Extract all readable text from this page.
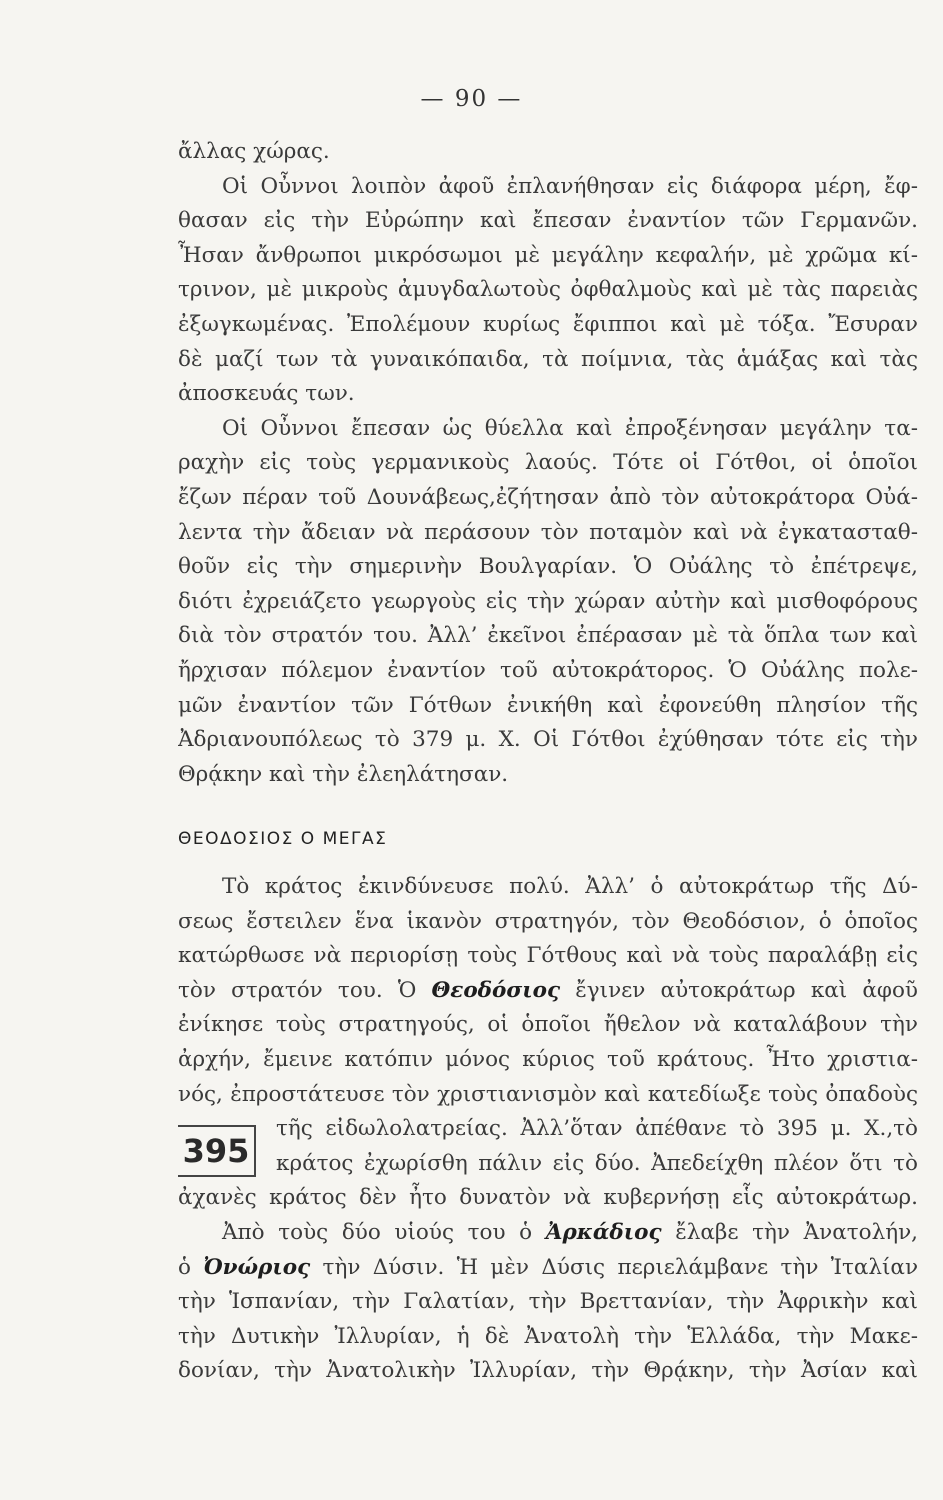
— 90 —
ἄλλας χώρας.
Οἱ Οὖννοι λοιπὸν ἀφοῦ ἐπλανήθησαν εἰς διάφορα μέρη, ἔφ-
θασαν εἰς τὴν Εὐρώπην καὶ ἔπεσαν ἐναντίον τῶν Γερμανῶν.
Ἦσαν ἄνθρωποι μικρόσωμοι μὲ μεγάλην κεφαλήν, μὲ χρῶμα κί-
τρινον, μὲ μικροὺς ἀμυγδαλωτοὺς ὀφθαλμοὺς καὶ μὲ τὰς παρειὰς
ἐξωγκωμένας. Ἐπολέμουν κυρίως ἔφιπποι καὶ μὲ τόξα. Ἔσυραν
δὲ μαζί των τὰ γυναικόπαιδα, τὰ ποίμνια, τὰς ἁμάξας καὶ τὰς
ἀποσκευάς των.
Οἱ Οὖννοι ἔπεσαν ὡς θύελλα καὶ ἐπροξένησαν μεγάλην τα-
ραχὴν εἰς τοὺς γερμανικοὺς λαούς. Τότε οἱ Γότθοι, οἱ ὁποῖοι
ἔζων πέραν τοῦ Δουνάβεως,ἐζήτησαν ἀπὸ τὸν αὐτοκράτορα Οὐά-
λεντα τὴν ἄδειαν νὰ περάσουν τὸν ποταμὸν καὶ νὰ ἐγκατασταθ-
θοῦν εἰς τὴν σημερινὴν Βουλγαρίαν. Ὁ Οὐάλης τὸ ἐπέτρεψε,
διότι ἐχρειάζετο γεωργοὺς εἰς τὴν χώραν αὐτὴν καὶ μισθοφόρους
διὰ τὸν στρατόν του. Ἀλλ’ ἐκεῖνοι ἐπέρασαν μὲ τὰ ὅπλα των καὶ
ἤρχισαν πόλεμον ἐναντίον τοῦ αὐτοκράτορος. Ὁ Οὐάλης πολε-
μῶν ἐναντίον τῶν Γότθων ἐνικήθη καὶ ἐφονεύθη πλησίον τῆς
Ἀδριανουπόλεως τὸ 379 μ. Χ. Οἱ Γότθοι ἐχύθησαν τότε εἰς τὴν
Θρᾴκην καὶ τὴν ἐλεηλάτησαν.
ΘΕΟΔΟΣΙΟΣ Ο ΜΕΓΑΣ
Τὸ κράτος ἐκινδύνευσε πολύ. Ἀλλ’ ὁ αὐτοκράτωρ τῆς Δύ-
σεως ἔστειλεν ἕνα ἱκανὸν στρατηγόν, τὸν Θεοδόσιον, ὁ ὁποῖος
κατώρθωσε νὰ περιορίσῃ τοὺς Γότθους καὶ νὰ τοὺς παραλάβῃ εἰς
τὸν στρατόν του. Ὁ Θεοδόσιος ἔγινεν αὐτοκράτωρ καὶ ἀφοῦ
ἐνίκησε τοὺς στρατηγούς, οἱ ὁποῖοι ἤθελον νὰ καταλάβουν τὴν
ἀρχήν, ἔμεινε κατόπιν μόνος κύριος τοῦ κράτους. Ἦτο χριστια-
νός, ἐπροστάτευσε τὸν χριστιανισμὸν καὶ κατεδίωξε τοὺς ὀπαδοὺς
τῆς εἰδωλολατρείας. Ἀλλ’ὅταν ἀπέθανε τὸ 395 μ. Χ.,τὸ
κράτος ἐχωρίσθη πάλιν εἰς δύο. Ἀπεδείχθη πλέον ὅτι τὸ
ἀχανὲς κράτος δὲν ἦτο δυνατὸν νὰ κυβερνήσῃ εἷς αὐτοκράτωρ.
Ἀπὸ τοὺς δύο υἱούς του ὁ Ἀρκάδιος ἔλαβε τὴν Ἀνατολήν,
ὁ Ὀνώριος τὴν Δύσιν. Ἡ μὲν Δύσις περιελάμβανε τὴν Ἰταλίαν
τὴν Ἱσπανίαν, τὴν Γαλατίαν, τὴν Βρεττανίαν, τὴν Ἀφρικὴν καὶ
τὴν Δυτικὴν Ἰλλυρίαν, ἡ δὲ Ἀνατολὴ τὴν Ἑλλάδα, τὴν Μακε-
δονίαν, τὴν Ἀνατολικὴν Ἰλλυρίαν, τὴν Θρᾴκην, τὴν Ἀσίαν καὶ
395
